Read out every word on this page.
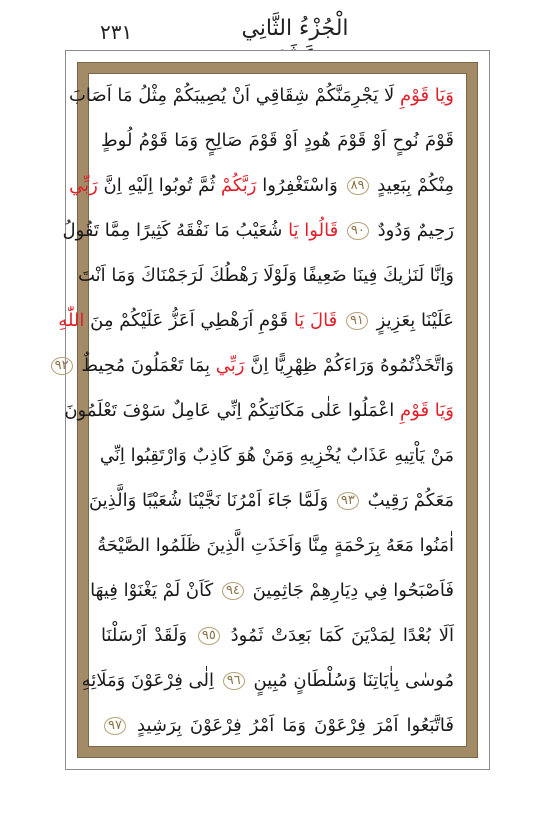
٢٣١	الْجُزْءُ الثَّانِي
وَيَا قَوْمِ لَا يَجْرِمَنَّكُمْ شِقَاقِي اَنْ يُصِيبَكُمْ مِثْلُ مَا اَصَابَ
قَوْمَ نُوحٍ اَوْ قَوْمَ هُودٍ اَوْ قَوْمَ صَالِحٍ وَمَا قَوْمُ لُوطٍ
مِنْكُمْ بِبَعِيدٍ ٨٩ وَاسْتَغْفِرُوا رَبَّكُمْ ثُمَّ تُوبُوا اِلَيْهِ اِنَّ رَبِّي
رَحِيمٌ وَدُودٌ ٩٠ قَالُوا يَا شُعَيْبُ مَا نَفْقَهُ كَثِيرًا مِمَّا تَقُولُ
وَاِنَّا لَنَرٰيكَ فِينَا ضَعِيفًا وَلَوْلَا رَهْطُكَ لَرَجَمْنَاكَ وَمَا اَنْتَ
عَلَيْنَا بِعَزِيزٍ ٩١ قَالَ يَا قَوْمِ اَرَهْطِي اَعَزُّ عَلَيْكُمْ مِنَ اللّٰهِ
وَاتَّخَذْتُمُوهُ وَرَاءَكُمْ ظِهْرِيًّا اِنَّ رَبِّي بِمَا تَعْمَلُونَ مُحِيطٌ ٩٢
وَيَا قَوْمِ اعْمَلُوا عَلٰى مَكَانَتِكُمْ اِنِّي عَامِلٌ سَوْفَ تَعْلَمُونَ
مَنْ يَاْتِيهِ عَذَابٌ يُخْزِيهِ وَمَنْ هُوَ كَاذِبٌ وَارْتَقِبُوا اِنِّي
مَعَكُمْ رَقِيبٌ ٩٣ وَلَمَّا جَاءَ اَمْرُنَا نَجَّيْنَا شُعَيْبًا وَالَّذِينَ
اٰمَنُوا مَعَهُ بِرَحْمَةٍ مِنَّا وَاَخَذَتِ الَّذِينَ ظَلَمُوا الصَّيْحَةُ
فَاَصْبَحُوا فِي دِيَارِهِمْ جَاثِمِينَ ٩٤ كَاَنْ لَمْ يَغْنَوْا فِيهَا
اَلَا بُعْدًا لِمَدْيَنَ كَمَا بَعِدَتْ ثَمُودُ ٩٥ وَلَقَدْ اَرْسَلْنَا
مُوسٰى بِاٰيَاتِنَا وَسُلْطَانٍ مُبِينٍ ٩٦ اِلٰى فِرْعَوْنَ وَمَلَائِهِ
فَاتَّبَعُوا اَمْرَ فِرْعَوْنَ وَمَا اَمْرُ فِرْعَوْنَ بِرَشِيدٍ ٩٧
